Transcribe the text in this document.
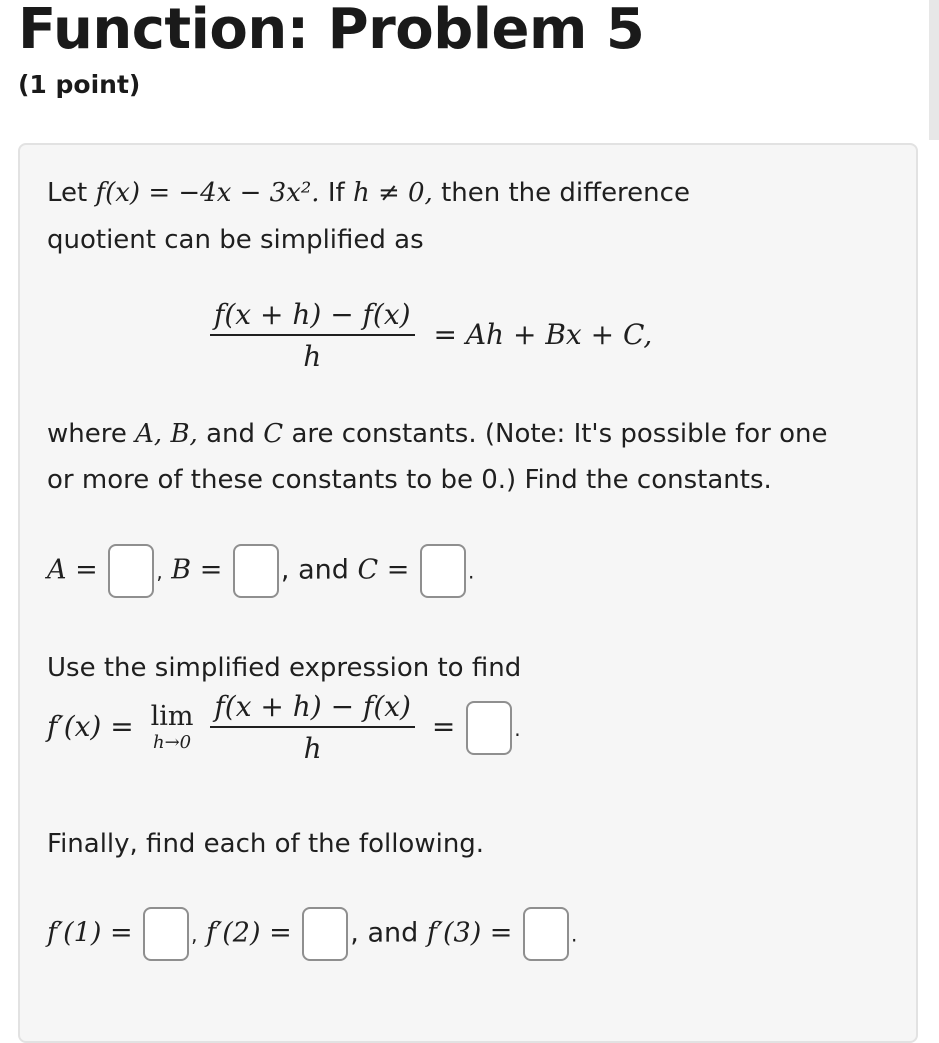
Function: Problem 5
(1 point)
Let f(x) = −4x − 3x². If h ≠ 0, then the difference
quotient can be simplified as
$\frac{f(x + h) - f(x)}{h} = Ah + Bx + C$,
where A, B, and C are constants. (Note: It's possible for one
or more of these constants to be 0.) Find the constants.
A =	, B = , and C =	.
Use the simplified expression to find
f′(x) = lim
h→0
$\frac{f(x + h) - f(x)}{h}$ =	.
Finally, find each of the following.
f′(1) =	, f′(2) = , and f′(3) =	.
